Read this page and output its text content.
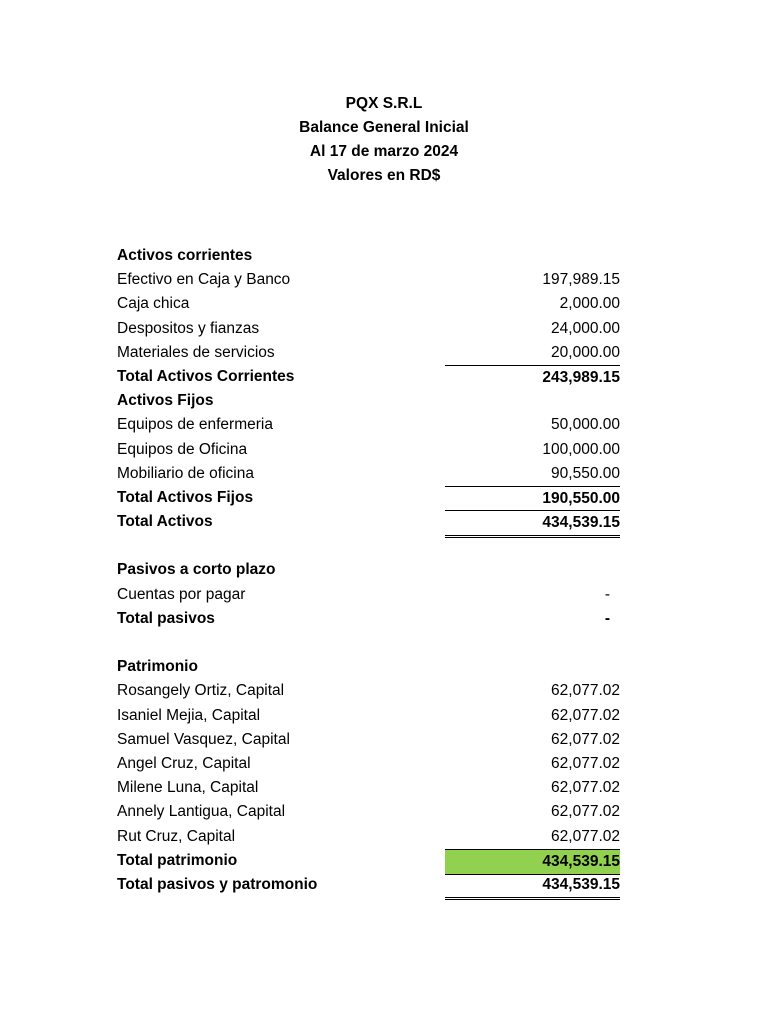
PQX S.R.L
Balance General Inicial
Al 17 de marzo 2024
Valores en RD$
Activos corrientes
Efectivo en Caja y Banco	197,989.15
Caja chica	2,000.00
Despositos y fianzas	24,000.00
Materiales de servicios	20,000.00
Total Activos Corrientes	243,989.15
Activos Fijos
Equipos de enfermeria	50,000.00
Equipos de Oficina	100,000.00
Mobiliario de oficina	90,550.00
Total Activos Fijos	190,550.00
Total Activos	434,539.15
Pasivos a corto plazo
Cuentas por pagar	-
Total pasivos	-
Patrimonio
Rosangely Ortiz, Capital	62,077.02
Isaniel Mejia, Capital	62,077.02
Samuel Vasquez, Capital	62,077.02
Angel Cruz, Capital	62,077.02
Milene Luna, Capital	62,077.02
Annely Lantigua, Capital	62,077.02
Rut Cruz, Capital	62,077.02
Total patrimonio	434,539.15
Total pasivos y patromonio	434,539.15
